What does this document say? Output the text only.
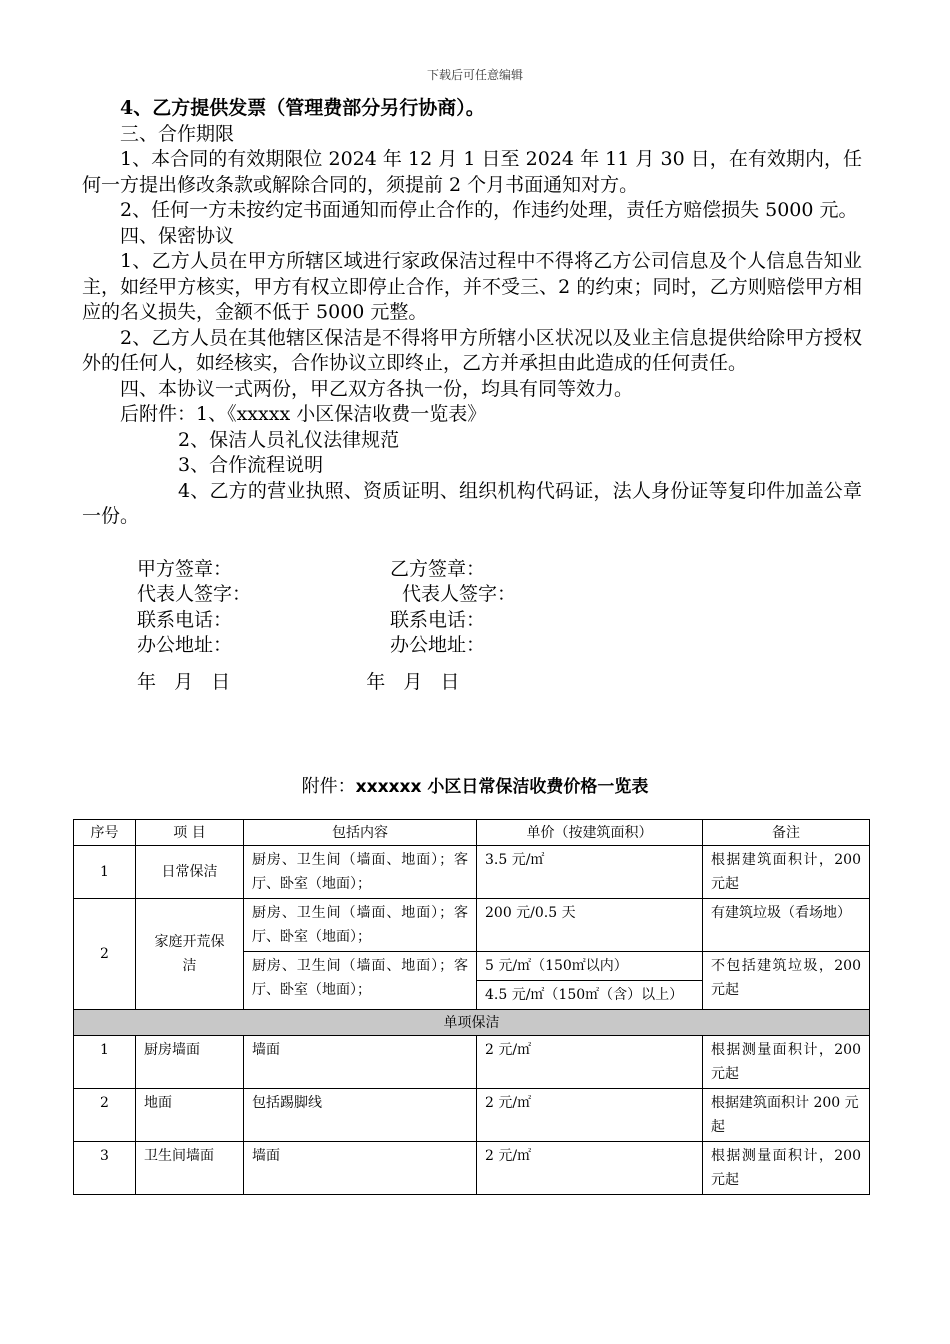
下载后可任意编辑

4、乙方提供发票（管理费部分另行协商）。

三、合作期限

1、本合同的有效期限位 2024 年 12 月 1 日至 2024 年 11 月 30 日，在有效期内，任何一方提出修改条款或解除合同的，须提前 2 个月书面通知对方。

2、任何一方未按约定书面通知而停止合作的，作违约处理，责任方赔偿损失 5000 元。

四、保密协议

1、乙方人员在甲方所辖区域进行家政保洁过程中不得将乙方公司信息及个人信息告知业主，如经甲方核实，甲方有权立即停止合作，并不受三、2 的约束；同时，乙方则赔偿甲方相应的名义损失，金额不低于 5000 元整。

2、乙方人员在其他辖区保洁是不得将甲方所辖小区状况以及业主信息提供给除甲方授权外的任何人，如经核实，合作协议立即终止，乙方并承担由此造成的任何责任。

四、本协议一式两份，甲乙双方各执一份，均具有同等效力。

后附件：1、《xxxxx 小区保洁收费一览表》

2、保洁人员礼仪法律规范

3、合作流程说明

4、乙方的营业执照、资质证明、组织机构代码证，法人身份证等复印件加盖公章一份。

甲方签章：	乙方签章：
代表人签字：	代表人签字：
联系电话：	联系电话：
办公地址：	办公地址：
年   月   日	年   月   日
附件：xxxxxx 小区日常保洁收费价格一览表
序号	项 目	包括内容	单价（按建筑面积）	备注
1	日常保洁	厨房、卫生间（墙面、地面）；客厅、卧室（地面）；	3.5 元/㎡	根据建筑面积计，200 元起
2	家庭开荒保 洁	厨房、卫生间（墙面、地面）；客厅、卧室（地面）；	200 元/0.5 天	有建筑垃圾（看场地）
		厨房、卫生间（墙面、地面）；客厅、卧室（地面）；	5 元/㎡（150㎡以内）	不包括建筑垃圾，200 元起
			4.5 元/㎡（150㎡（含）以上）	
单项保洁				
1	厨房墙面	墙面	2 元/㎡	根据测量面积计，200 元起
2	地面	包括踢脚线	2 元/㎡	根据建筑面积计 200 元起
3	卫生间墙面	墙面	2 元/㎡	根据测量面积计，200 元起
